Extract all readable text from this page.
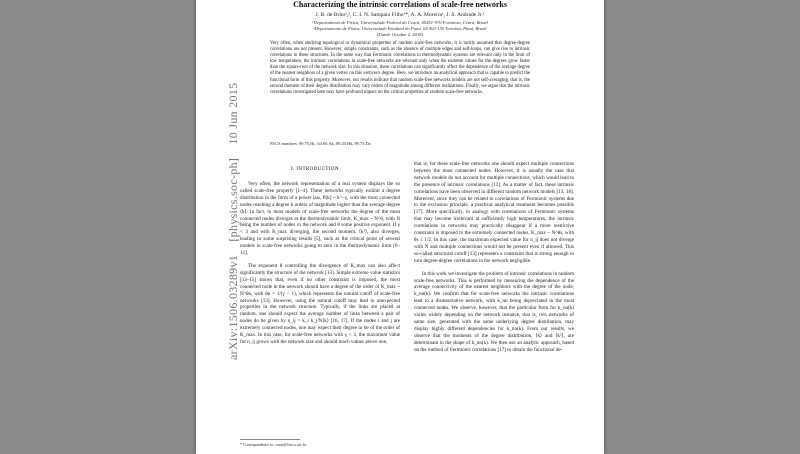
Characterizing the intrinsic correlations of scale-free networks
J. B. de Brito¹,², C. I. N. Sampaio Filho¹*, A. A. Moreira¹, J. S. Andrade Jr.¹
¹Departamento de Física, Universidade Federal do Ceará, 60451-970 Fortaleza, Ceará, Brazil
²Departamento de Física, Universidade Estadual do Piauí, 64.002-150 Teresina, Piauí, Brazil
(Dated: October 2, 2018)
Very often, when studying topological or dynamical properties of random scale-free networks, it is tacitly assumed that degree-degree correlations are not present. However, simple constraints, such as the absence of multiple edges and self-loops, can give rise to intrinsic correlations in these structures. In the same way that Fermionic correlations in thermodynamic systems are relevant only in the limit of low temperature, the intrinsic correlations in scale-free networks are relevant only when the extreme values for the degrees grow faster than the square-root of the network size. In this situation, these correlations can significantly affect the dependence of the average degree of the nearest neighbors of a given vertex on this vertices's degree. Here, we introduce an analytical approach that is capable to predict the functional form of this property. Moreover, our results indicate that random scale-free networks models are not self-averaging, that is, the second moment of their degree distribution may vary orders of magnitude among different realizations. Finally, we argue that the intrinsic correlations investigated here may have profound impact on the critical properties of random scale-free networks.
PACS numbers: 89.75.Hc, 64.60.Ak, 89.20.Hh, 89.75.Da
I. INTRODUCTION

Very often, the network representation of a real system displays the so called scale-free property [1–4]. These networks typically exhibit a degree distribution in the form of a power law, P(k) ~ k^−γ, with the most connected nodes reaching a degree k orders of magnitude higher than the average degree ⟨k⟩. In fact, in most models of scale-free networks the degree of the most connected nodes diverges at the thermodynamic limit, K_max ~ N^θ, with N being the number of nodes in the network and θ some positive exponent. If γ < 3 and with K_max diverging, the second moment, ⟨k²⟩, also diverges, leading to some surprising results [5], such as the critical point of several models in scale-free networks going to zero in the thermodynamic limit [6–12].

The exponent θ controlling the divergence of K_max can also affect significantly the structure of the network [13]. Simple extreme value statistics [13–15] shows that, even if no other constraint is imposed, the most connected node in the network should have a degree of the order of K_max ~ N^θn, with θn = 1/(γ − 1), which represents the natural cutoff of scale-free networks [13]. However, using the natural cutoff may lead to unexpected properties in the network structure. Typically, if the links are placed at random, one should expect the average number of links between a pair of nodes do be given by n_ij = k_i k_j/N⟨k⟩ [16, 17]. If the nodes i and j are extremely connected nodes, one may expect their degree to be of the order of K_max. In this case, for scale-free networks with γ < 3, the maximum value for n_ij grows with the network size and should reach values above one,

that is, for these scale-free networks one should expect multiple connections between the most connected nodes. However, it is usually the case that network models do not account for multiple connections, which would lead to the presence of intrinsic correlations [13]. As a matter of fact, these intrinsic correlations have been observed in different random network models [13, 18]. Moreover, since they can be related to correlations of Fermionic systems due to the exclusion principle, a practical analytical treatment becomes possible [17]. More specifically, in analogy with correlations of Fermionic systems that may become irrelevant at sufficiently high temperatures, the intrinsic correlations in networks may practically disappear if a more restrictive constraint is imposed to the extremely connected nodes, K_max ~ N^θs, with θs ≤ 1/2. In this case, the maximum expected value for n_ij does not diverge with N and multiple connections would not be present even if allowed. This so-called structural cutoff [13] represents a constraint that is strong enough to turn degree-degree correlations in the network negligible.

In this work we investigate the problem of intrinsic correlations in random scale-free networks. This is performed by measuring the dependence of the average connectivity of the nearest neighbors with the degree of the node, k_nn(k). We confirm that for scale-free networks the intrinsic correlations lead to a disassortative network, with k_nn being depreciated in the most connected nodes. We observe, however, that the particular form for k_nn(k) varies widely depending on the network instance, that is, two networks of same size, generated with the same underlying degree distribution, may display highly different dependencies for k_nn(k). From our results, we observe that the moments of the degree distribution, ⟨k⟩ and ⟨k²⟩, are determinant in the shape of k_nn(k). We then use an analytic approach, based on the method of Fermionic correlations [17] to obtain the functional de-

* Correspondence to: cesar@fisica.ufc.br
arXiv:1506.03289v1 [physics.soc-ph] 10 Jun 2015
